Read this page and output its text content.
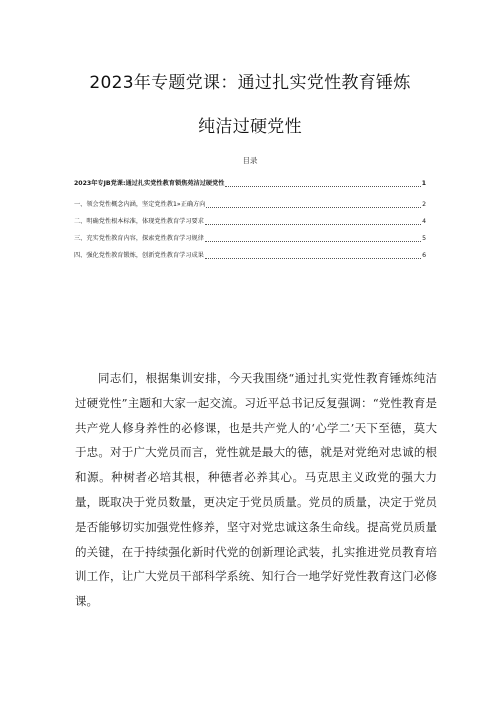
2023年专题党课：通过扎实党性教育锤炼
纯洁过硬党性
目录
2023年专JB党课:通过扎实党性教育锁焦苑洁过硬党性	1
一、领会党性概念内涵，坚定党性教1»正确方向	2
二、明确党性根本标准，体现党性教育学习要求	4
三、充实党性教育内容，探索党性教育学习规律	5
四、强化党性教育锻炼，创新党性教育学习成果	6

同志们，根据集训安排，今天我围绕“通过扎实党性教育锤炼纯洁过硬党性”主题和大家一起交流。习近平总书记反复强调：“党性教育是共产党人修身养性的必修课，也是共产党人的‘心学二’天下至德，莫大于忠。对于广大党员而言，党性就是最大的德，就是对党绝对忠诚的根和源。种树者必培其根，种德者必养其心。马克思主义政党的强大力量，既取决于党员数量，更决定于党员质量。党员的质量，决定于党员是否能够切实加强党性修养，坚守对党忠诚这条生命线。提高党员质量的关键，在于持续强化新时代党的创新理论武装，扎实推进党员教育培训工作，让广大党员干部科学系统、知行合一地学好党性教育这门必修课。
